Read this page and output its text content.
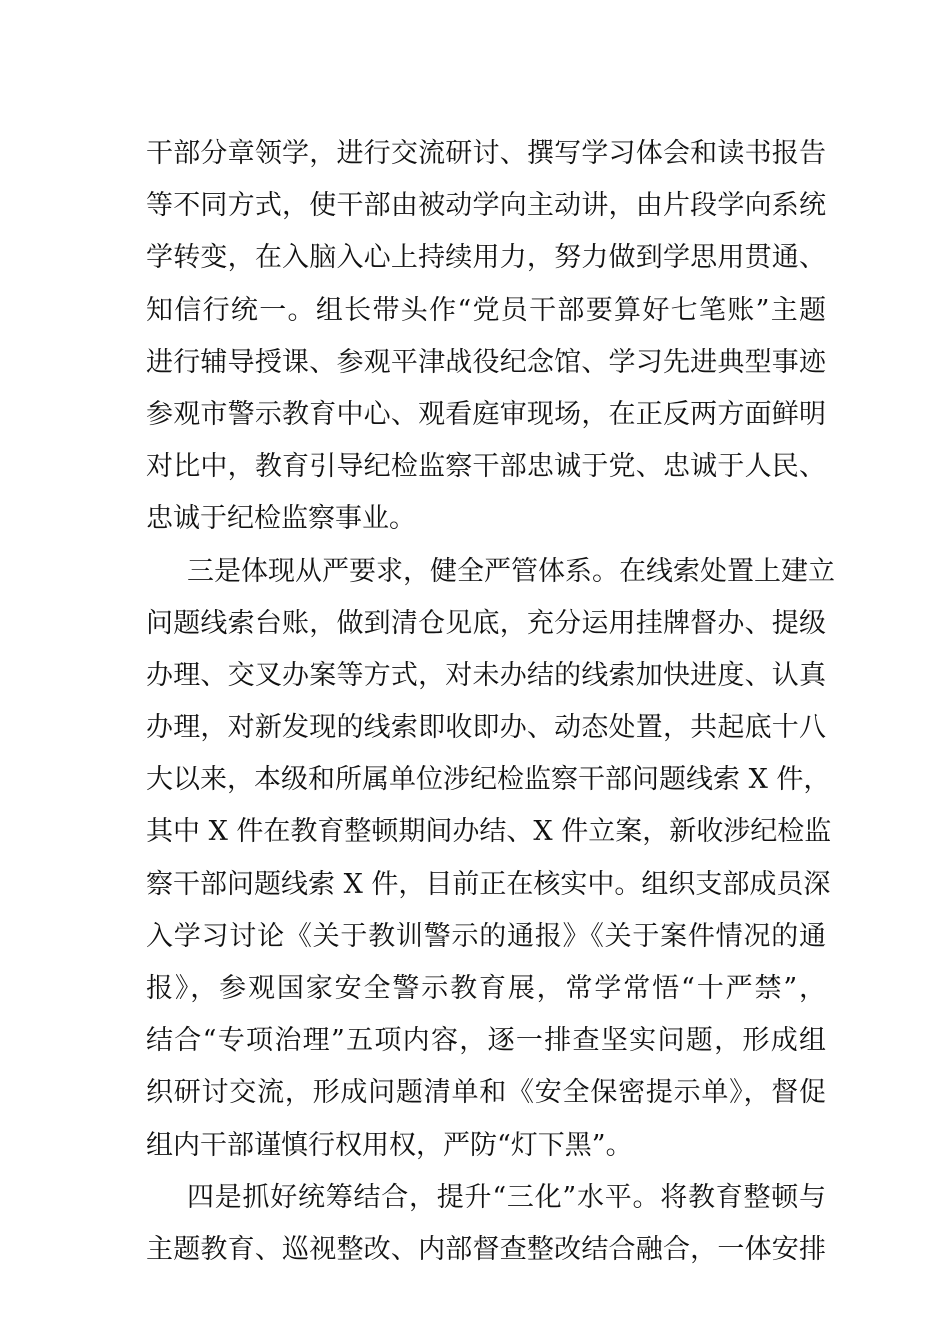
干部分章领学，进行交流研讨、撰写学习体会和读书报告
等不同方式，使干部由被动学向主动讲，由片段学向系统
学转变，在入脑入心上持续用力，努力做到学思用贯通、
知信行统一。组长带头作“党员干部要算好七笔账”主题
进行辅导授课、参观平津战役纪念馆、学习先进典型事迹
参观市警示教育中心、观看庭审现场，在正反两方面鲜明
对比中，教育引导纪检监察干部忠诚于党、忠诚于人民、
忠诚于纪检监察事业。
三是体现从严要求，健全严管体系。在线索处置上建立
问题线索台账，做到清仓见底，充分运用挂牌督办、提级
办理、交叉办案等方式，对未办结的线索加快进度、认真
办理，对新发现的线索即收即办、动态处置，共起底十八
大以来，本级和所属单位涉纪检监察干部问题线索 X 件，
其中 X 件在教育整顿期间办结、X 件立案，新收涉纪检监
察干部问题线索 X 件，目前正在核实中。组织支部成员深
入学习讨论《关于教训警示的通报》《关于案件情况的通
报》，参观国家安全警示教育展，常学常悟“十严禁”，
结合“专项治理”五项内容，逐一排查坚实问题，形成组
织研讨交流，形成问题清单和《安全保密提示单》，督促
组内干部谨慎行权用权，严防“灯下黑”。
四是抓好统筹结合，提升“三化”水平。将教育整顿与
主题教育、巡视整改、内部督查整改结合融合，一体安排
